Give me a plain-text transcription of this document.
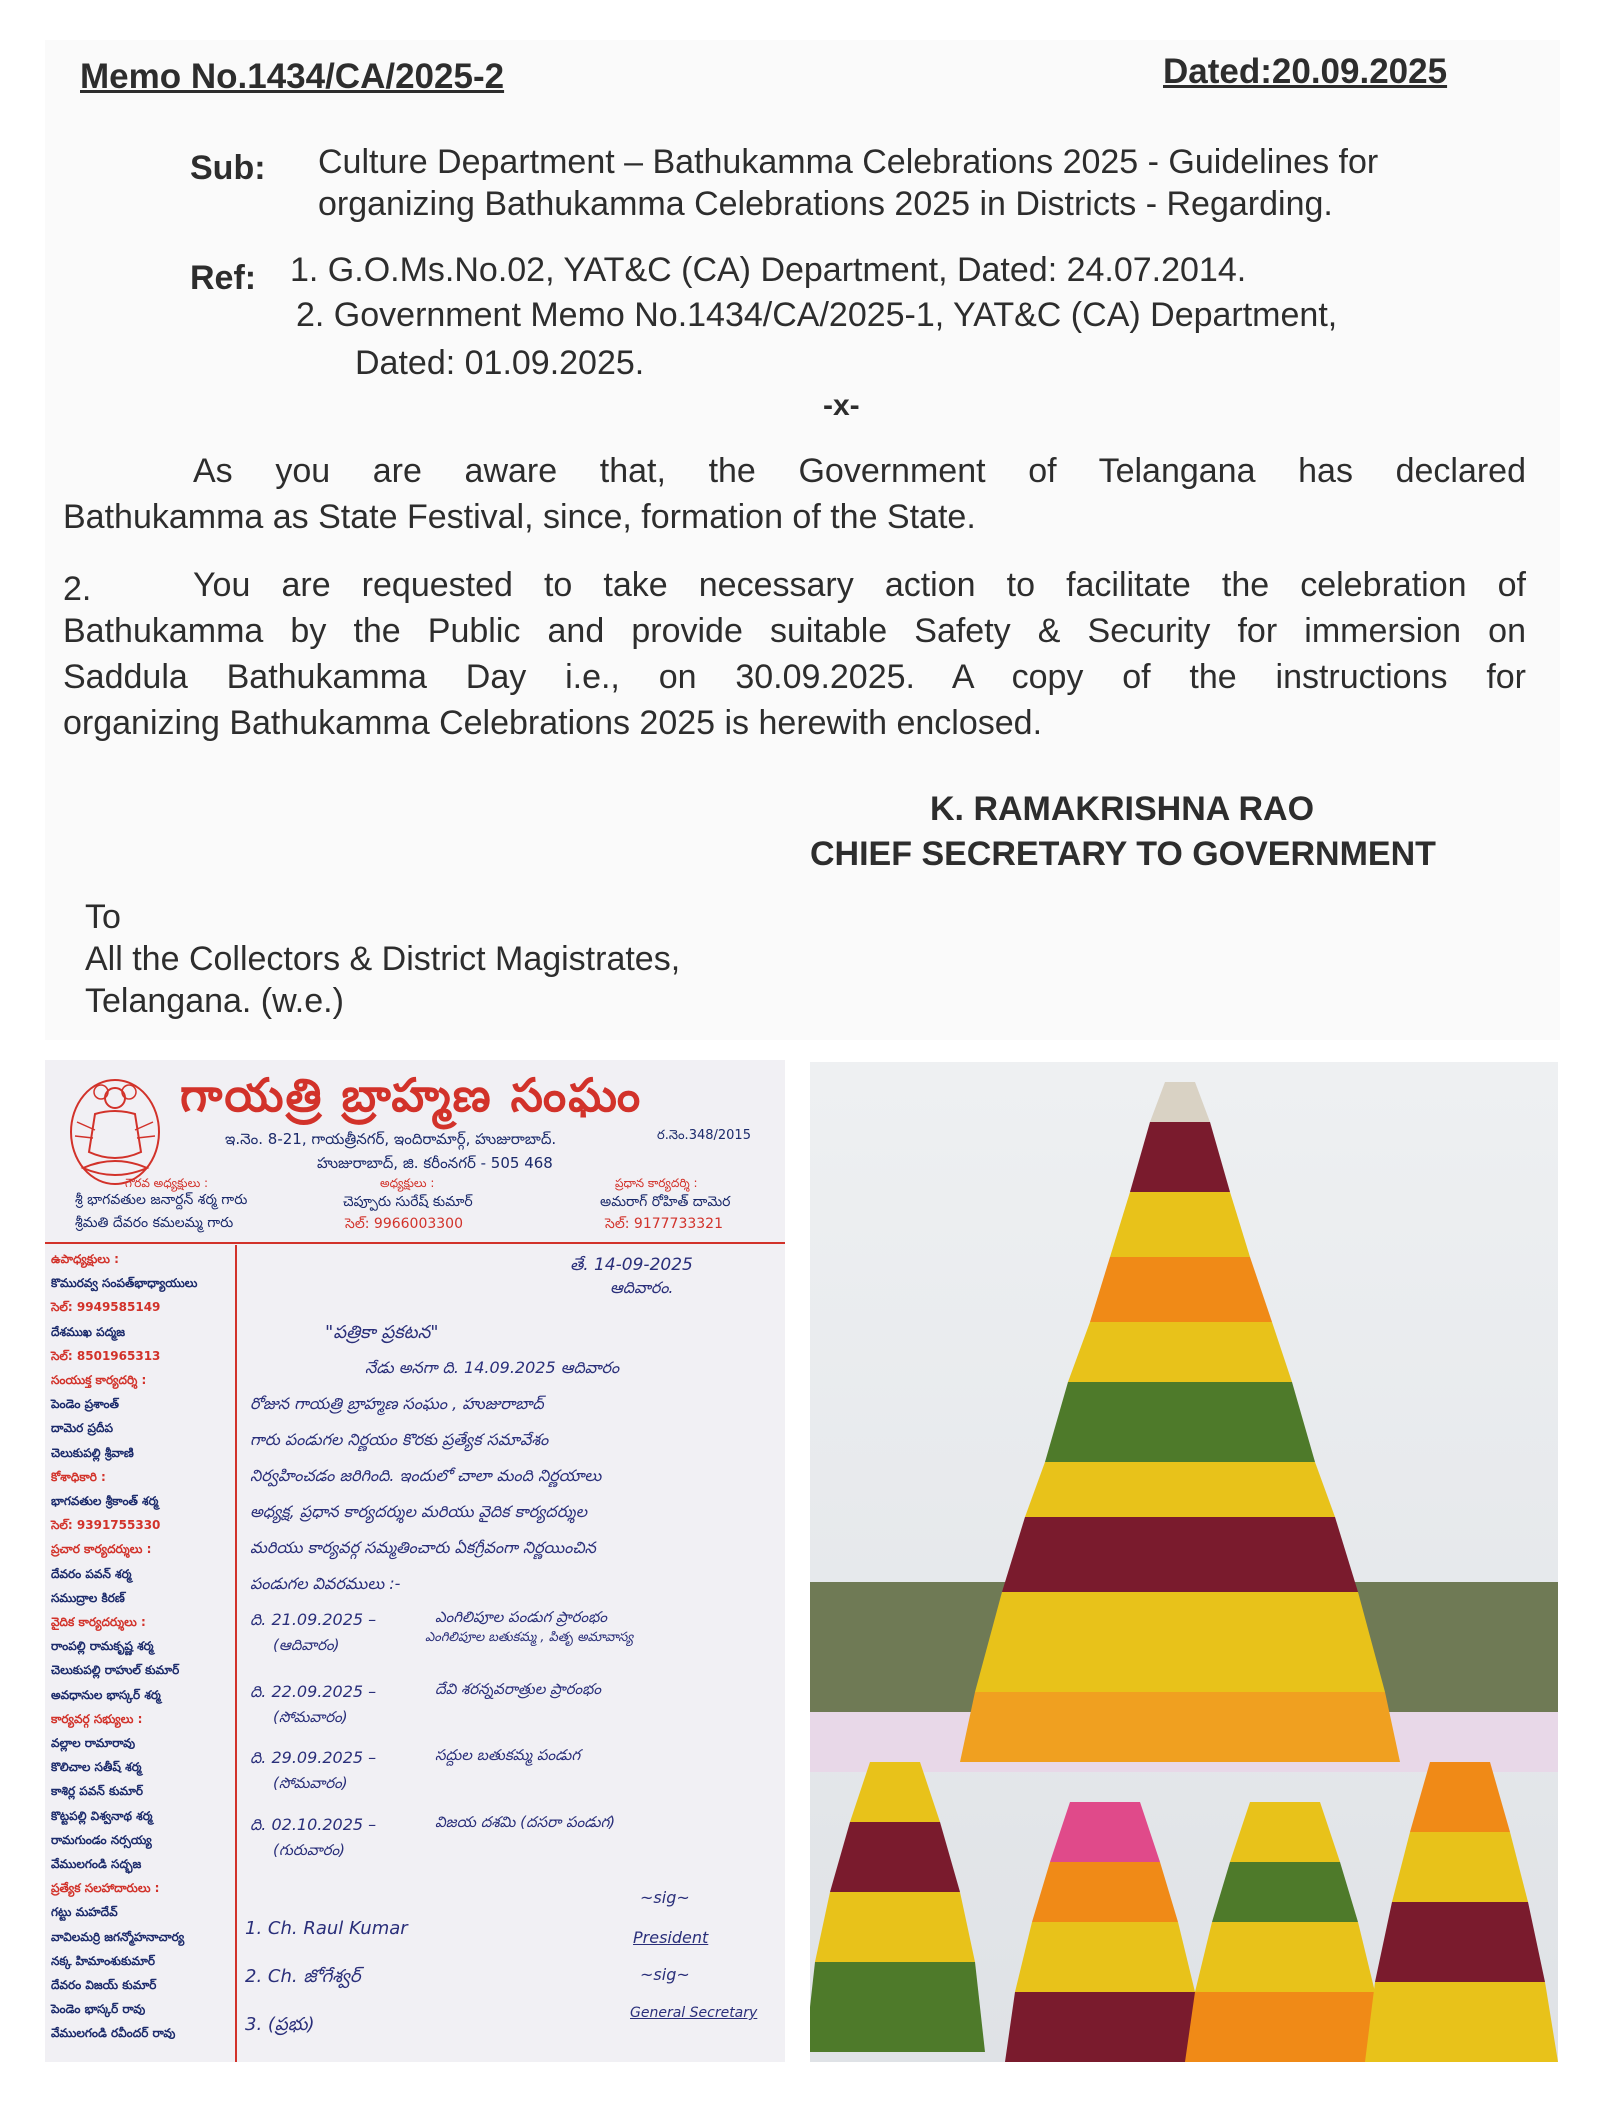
Memo No.1434/CA/2025-2	Dated:20.09.2025
Sub: Culture Department – Bathukamma Celebrations 2025 - Guidelines for
organizing Bathukamma Celebrations 2025 in Districts - Regarding.
Ref: 1. G.O.Ms.No.02, YAT&C (CA) Department, Dated: 24.07.2014.
2. Government Memo No.1434/CA/2025-1, YAT&C (CA) Department,
Dated: 01.09.2025.
-x-
As you are aware that, the Government of Telangana has declared
Bathukamma as State Festival, since, formation of the State.
2.	You are requested to take necessary action to facilitate the celebration of
Bathukamma by the Public and provide suitable Safety & Security for immersion on
Saddula Bathukamma Day i.e., on 30.09.2025. A copy of the instructions for
organizing Bathukamma Celebrations 2025 is herewith enclosed.
K. RAMAKRISHNA RAO
CHIEF SECRETARY TO GOVERNMENT
To
All the Collectors & District Magistrates,
Telangana. (w.e.)
గాయత్రి బ్రాహ్మణ సంఘం
ఇ.నెం. 8-21, గాయత్రీనగర్, ఇందిరామార్గ్, హుజురాబాద్.	ర.నెం.348/2015
హుజురాబాద్, జి. కరీంనగర్ - 505 468
గౌరవ అధ్యక్షులు :
శ్రీ భాగవతుల జనార్దన్ శర్మ గారు
శ్రీమతి దేవరం కమలమ్మ గారు
అధ్యక్షులు :
చెప్పూరు సురేష్ కుమార్
సెల్: 9966003300
ప్రధాన కార్యదర్శి :
అమరాగ్ రోహిత్ దామెర
సెల్: 9177733321
ఉపాధ్యక్షులు :
కొమురవ్వ సంపత్‌భాధ్యాయులు
సెల్: 9949585149
దేశముఖ పద్మజ
సెల్: 8501965313
సంయుక్త కార్యదర్శి :
పెండెం ప్రశాంత్
దామెర ప్రదీప
చెలుకుపల్లి శ్రీవాణి
కోశాధికారి :
భాగవతుల శ్రీకాంత్ శర్మ
సెల్: 9391755330
ప్రచార కార్యదర్శులు :
దేవరం పవన్ శర్మ
సముద్రాల కిరణ్
వైదిక కార్యదర్శులు :
రాంపల్లి రామకృష్ణ శర్మ
చెలుకుపల్లి రాహుల్ కుమార్
అవధానుల భాస్కర్ శర్మ
కార్యవర్గ సభ్యులు :
వల్లాల రామారావు
కొలిచాల సతీష్ శర్మ
కాశిర్ల పవన్ కుమార్
కొట్టపల్లి విశ్వనాథ శర్మ
రామగుండం నర్సయ్య
వేములగండి సద్భజ
ప్రత్యేక సలహాదారులు :
గట్టు మహదేవ్
వావిలమర్రి జగన్మోహనాచార్య
నక్క హిమాంశుకుమార్
దేవరం విజయ్ కుమార్
పెండెం భాస్కర్ రావు
వేములగండి రవీందర్ రావు
తే. 14-09-2025
ఆదివారం.
"పత్రికా ప్రకటన"
నేడు అనగా ది. 14.09.2025 ఆదివారం
రోజున గాయత్రి బ్రాహ్మణ సంఘం , హుజురాబాద్
గారు పండుగల నిర్ణయం కొరకు ప్రత్యేక సమావేశం
నిర్వహించడం జరిగింది. ఇందులో చాలా మంది నిర్ణయాలు
అధ్యక్ష, ప్రధాన కార్యదర్శుల మరియు వైదిక కార్యదర్శుల
మరియు కార్యవర్గ సమ్మతించారు ఏకగ్రీవంగా నిర్ణయించిన
పండుగల వివరములు :-
ది. 21.09.2025 –
(ఆదివారం)
ఎంగిలిపూల పండుగ ప్రారంభం
ఎంగిలిపూల బతుకమ్మ , పితృ అమావాస్య
ది. 22.09.2025 –
(సోమవారం)
దేవి శరన్నవరాత్రుల ప్రారంభం
ది. 29.09.2025 –
(సోమవారం)
సద్దుల బతుకమ్మ పండుగ
ది. 02.10.2025 –
(గురువారం)
విజయ దశమి (దసరా పండుగ)
1. Ch. Raul Kumar
2. Ch. జోగేశ్వర్
3. (ప్రభు)
~sig~
President
~sig~
General Secretary
